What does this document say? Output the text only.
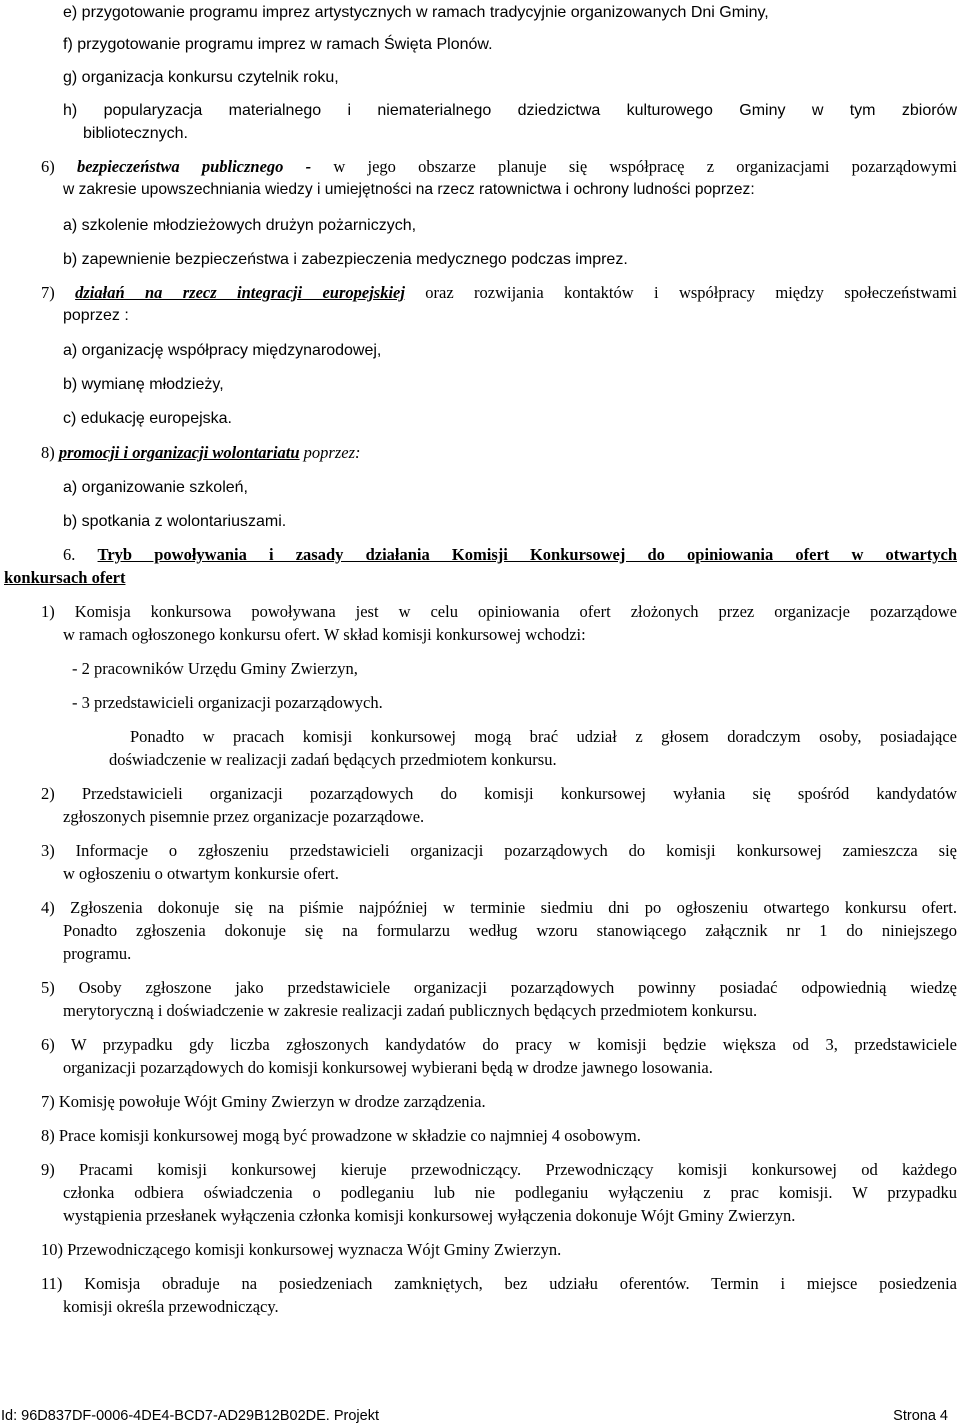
e) przygotowanie programu imprez artystycznych w ramach tradycyjnie organizowanych Dni Gminy,
f) przygotowanie programu imprez w ramach Święta Plonów.
g) organizacja konkursu czytelnik roku,
h) popularyzacja materialnego i niematerialnego dziedzictwa kulturowego Gminy w tym zbiorów
bibliotecznych.
6) bezpieczeństwa publicznego - w jego obszarze planuje się współpracę z organizacjami pozarządowymi
w zakresie upowszechniania wiedzy i umiejętności na rzecz ratownictwa i ochrony ludności poprzez:
a) szkolenie młodzieżowych drużyn pożarniczych,
b) zapewnienie bezpieczeństwa i zabezpieczenia medycznego podczas imprez.
7) działań na rzecz integracji europejskiej oraz rozwijania kontaktów i współpracy między społeczeństwami
poprzez :
a) organizację współpracy międzynarodowej,
b) wymianę młodzieży,
c) edukację europejska.
8) promocji i organizacji wolontariatu poprzez:
a) organizowanie szkoleń,
b) spotkania z wolontariuszami.
6. Tryb powoływania i zasady działania Komisji Konkursowej do opiniowania ofert w otwartych
konkursach ofert
1) Komisja konkursowa powoływana jest w celu opiniowania ofert złożonych przez organizacje pozarządowe
w ramach ogłoszonego konkursu ofert. W skład komisji konkursowej wchodzi:
- 2 pracowników Urzędu Gminy Zwierzyn,
- 3 przedstawicieli organizacji pozarządowych.
Ponadto w pracach komisji konkursowej mogą brać udział z głosem doradczym osoby, posiadające
doświadczenie w realizacji zadań będących przedmiotem konkursu.
2) Przedstawicieli organizacji pozarządowych do komisji konkursowej wyłania się spośród kandydatów
zgłoszonych pisemnie przez organizacje pozarządowe.
3) Informacje o zgłoszeniu przedstawicieli organizacji pozarządowych do komisji konkursowej zamieszcza się
w ogłoszeniu o otwartym konkursie ofert.
4) Zgłoszenia dokonuje się na piśmie najpóźniej w terminie siedmiu dni po ogłoszeniu otwartego konkursu ofert.
Ponadto zgłoszenia dokonuje się na formularzu według wzoru stanowiącego załącznik nr 1 do niniejszego
programu.
5) Osoby zgłoszone jako przedstawiciele organizacji pozarządowych powinny posiadać odpowiednią wiedzę
merytoryczną i doświadczenie w zakresie realizacji zadań publicznych będących przedmiotem konkursu.
6) W przypadku gdy liczba zgłoszonych kandydatów do pracy w komisji będzie większa od 3, przedstawiciele
organizacji pozarządowych do komisji konkursowej wybierani będą w drodze jawnego losowania.
7) Komisję powołuje Wójt Gminy Zwierzyn w drodze zarządzenia.
8) Prace komisji konkursowej mogą być prowadzone w składzie co najmniej 4 osobowym.
9) Pracami komisji konkursowej kieruje przewodniczący. Przewodniczący komisji konkursowej od każdego
członka odbiera oświadczenia o podleganiu lub nie podleganiu wyłączeniu z prac komisji. W przypadku
wystąpienia przesłanek wyłączenia członka komisji konkursowej wyłączenia dokonuje Wójt Gminy Zwierzyn.
10) Przewodniczącego komisji konkursowej wyznacza Wójt Gminy Zwierzyn.
11) Komisja obraduje na posiedzeniach zamkniętych, bez udziału oferentów. Termin i miejsce posiedzenia
komisji określa przewodniczący.
Id: 96D837DF-0006-4DE4-BCD7-AD29B12B02DE. Projekt	Strona 4
